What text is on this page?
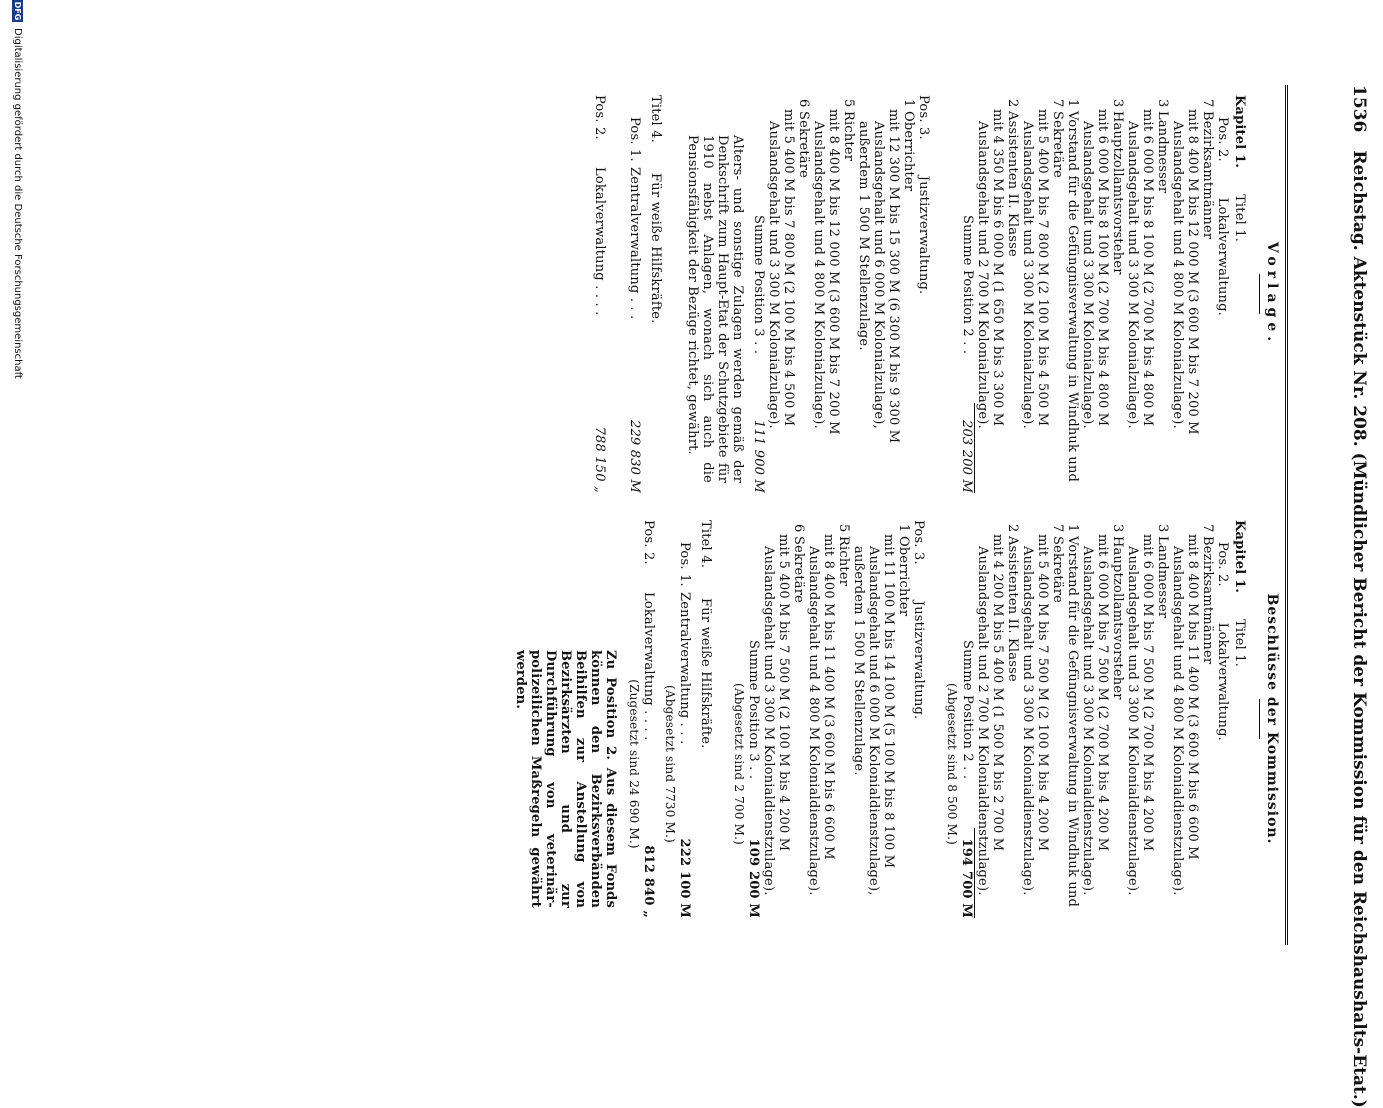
1536
Reichstag. Aktenstück Nr. 208. (Mündlicher Bericht der Kommission für den Reichshaushalts-Etat.)
Vorlage.
Kapitel 1.Titel 1.
Pos. 2.Lokalverwaltung.
7Bezirksamtmänner
mit 8 400 M bis 12 000 M (3 600 M bis 7 200 M Auslandsgehalt und 4 800 M Kolonialzulage).
3Landmesser
mit 6 000 M bis 8 100 M (2 700 M bis 4 800 M Auslandsgehalt und 3 300 M Kolonialzulage).
3Hauptzollamtsvorsteher
mit 6 000 M bis 8 100 M (2 700 M bis 4 800 M Auslandsgehalt und 3 300 M Kolonialzulage).
1Vorstand für die Gefüngnisverwaltung in Windhuk und
7Sekretäre
mit 5 400 M bis 7 800 M (2 100 M bis 4 500 M Auslandsgehalt und 3 300 M Kolonialzulage).
2Assistenten II. Klasse
mit 4 350 M bis 6 000 M (1 650 M bis 3 300 M Auslandsgehalt und 2 700 M Kolonialzulage).
Summe Position 2 . .
203 200 M
Pos. 3.Justizverwaltung.
1Oberrichter
mit 12 300 M bis 15 300 M (6 300 M bis 9 300 M Auslandsgehalt und 6 000 M Kolonialzulage), außerdem 1 500 M Stellenzulage.
5Richter
mit 8 400 M bis 12 000 M (3 600 M bis 7 200 M Auslandsgehalt und 4 800 M Kolonialzulage).
6Sekretäre
mit 5 400 M bis 7 800 M (2 100 M bis 4 500 M Auslandsgehalt und 3 300 M Kolonialzulage).
Summe Position 3 . .
111 900 M
Alters- und sonstige Zulagen werden gemäß der Denkschrift zum Haupt-Etat der Schutzgebiete für 1910 nebst Anlagen, wonach sich auch die Pensionsfähigkeit der Bezüge richtet, gewährt.
Titel 4.Für weiße Hilfskräfte.
Pos. 1.
Zentralverwaltung . . .
229 830 M
Pos. 2.
Lokalverwaltung . . . .
788 150 „
Beschlüsse der Kommission.
Kapitel 1.Titel 1.
Pos. 2.Lokalverwaltung.
7Bezirksamtmänner
mit 8 400 M bis 11 400 M (3 600 M bis 6 600 M Auslandsgehalt und 4 800 M Kolonialdienstzulage).
3Landmesser
mit 6 000 M bis 7 500 M (2 700 M bis 4 200 M Auslandsgehalt und 3 300 M Kolonialdienstzulage).
3Hauptzollamtsvorsteher
mit 6 000 M bis 7 500 M (2 700 M bis 4 200 M Auslandsgehalt und 3 300 M Kolonialdienstzulage).
1Vorstand für die Gefüngnisverwaltung in Windhuk und
7Sekretäre
mit 5 400 M bis 7 500 M (2 100 M bis 4 200 M Auslandsgehalt und 3 300 M Kolonialdienstzulage).
2Assistenten II. Klasse
mit 4 200 M bis 5 400 M (1 500 M bis 2 700 M Auslandsgehalt und 2 700 M Kolonialdienstzulage).
Summe Position 2 . .
194 700 M
(Abgesetzt sind 8 500 M.)
Pos. 3.Justizverwaltung.
1Oberrichter
mit 11 100 M bis 14 100 M (5 100 M bis 8 100 M Auslandsgehalt und 6 000 M Kolonialdienstzulage), außerdem 1 500 M Stellenzulage.
5Richter
mit 8 400 M bis 11 400 M (3 600 M bis 6 600 M Auslandsgehalt und 4 800 M Kolonialdienstzulage).
6Sekretäre
mit 5 400 M bis 7 500 M (2 100 M bis 4 200 M Auslandsgehalt und 3 300 M Kolonialdienstzulage).
Summe Position 3 . .
109 200 M
(Abgesetzt sind 2 700 M.)
Titel 4.Für weiße Hilfskräfte.
Pos. 1.
Zentralverwaltung . . .
222 100 M
(Abgesetzt sind 7730 M.)
Pos. 2.
Lokalverwaltung . . . .
812 840 „
(Zugesetzt sind 24 690 M.)
Zu Position 2. Aus diesem Fonds können den Bezirksverbänden Beihilfen zur Anstellung von Bezirksärzten und zur Durchführung von veterinär-polizeilichen Maßregeln gewährt werden.
DFG
Digitalisierung gefördert durch die Deutsche Forschungsgemeinschaft
